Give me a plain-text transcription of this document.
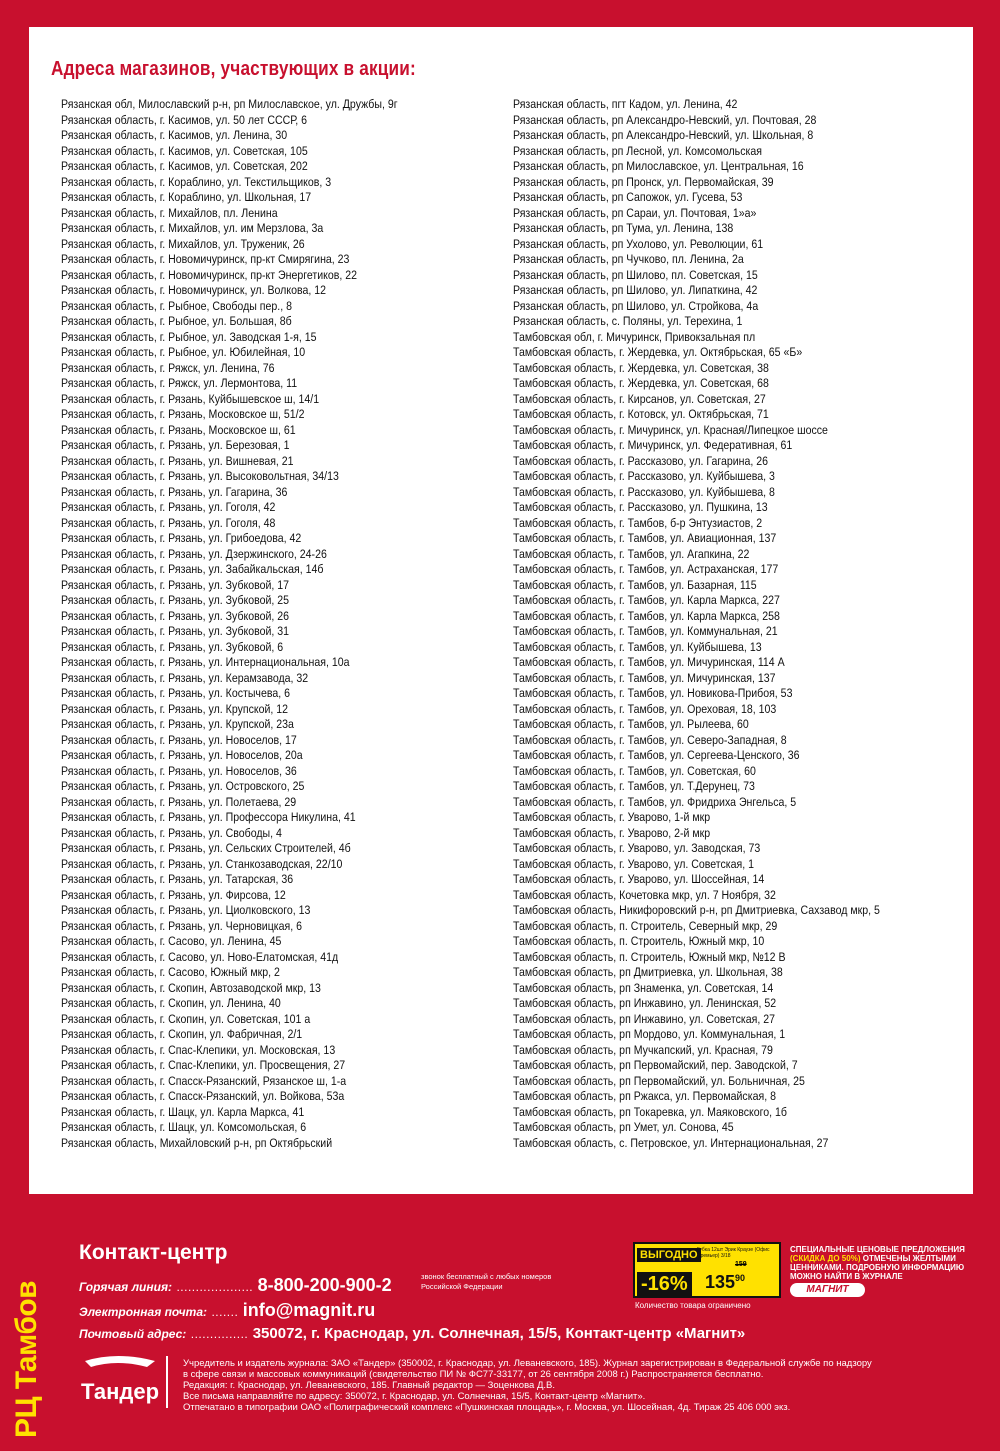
Адреса магазинов, участвующих в акции:
Рязанская обл, Милославский р-н, рп Милославское, ул. Дружбы, 9г
Рязанская область, г. Касимов, ул. 50 лет СССР, 6
Рязанская область, г. Касимов, ул. Ленина, 30
Рязанская область, г. Касимов, ул. Советская, 105
Рязанская область, г. Касимов, ул. Советская, 202
Рязанская область, г. Кораблино, ул. Текстильщиков, 3
Рязанская область, г. Кораблино, ул. Школьная, 17
Рязанская область, г. Михайлов, пл. Ленина
Рязанская область, г. Михайлов, ул. им Мерзлова, 3а
Рязанская область, г. Михайлов, ул. Труженик, 26
Рязанская область, г. Новомичуринск, пр-кт Смирягина, 23
Рязанская область, г. Новомичуринск, пр-кт Энергетиков, 22
Рязанская область, г. Новомичуринск, ул. Волкова, 12
Рязанская область, г. Рыбное, Свободы пер., 8
Рязанская область, г. Рыбное, ул. Большая, 8б
Рязанская область, г. Рыбное, ул. Заводская 1-я, 15
Рязанская область, г. Рыбное, ул. Юбилейная, 10
Рязанская область, г. Ряжск, ул. Ленина, 76
Рязанская область, г. Ряжск, ул. Лермонтова, 11
Рязанская область, г. Рязань, Куйбышевское ш, 14/1
Рязанская область, г. Рязань, Московское ш, 51/2
Рязанская область, г. Рязань, Московское ш, 61
Рязанская область, г. Рязань, ул. Березовая, 1
Рязанская область, г. Рязань, ул. Вишневая, 21
Рязанская область, г. Рязань, ул. Высоковольтная, 34/13
Рязанская область, г. Рязань, ул. Гагарина, 36
Рязанская область, г. Рязань, ул. Гоголя, 42
Рязанская область, г. Рязань, ул. Гоголя, 48
Рязанская область, г. Рязань, ул. Грибоедова, 42
Рязанская область, г. Рязань, ул. Дзержинского, 24-26
Рязанская область, г. Рязань, ул. Забайкальская, 14б
Рязанская область, г. Рязань, ул. Зубковой, 17
Рязанская область, г. Рязань, ул. Зубковой, 25
Рязанская область, г. Рязань, ул. Зубковой, 26
Рязанская область, г. Рязань, ул. Зубковой, 31
Рязанская область, г. Рязань, ул. Зубковой, 6
Рязанская область, г. Рязань, ул. Интернациональная, 10а
Рязанская область, г. Рязань, ул. Керамзавода, 32
Рязанская область, г. Рязань, ул. Костычева, 6
Рязанская область, г. Рязань, ул. Крупской, 12
Рязанская область, г. Рязань, ул. Крупской, 23а
Рязанская область, г. Рязань, ул. Новоселов, 17
Рязанская область, г. Рязань, ул. Новоселов, 20а
Рязанская область, г. Рязань, ул. Новоселов, 36
Рязанская область, г. Рязань, ул. Островского, 25
Рязанская область, г. Рязань, ул. Полетаева, 29
Рязанская область, г. Рязань, ул. Профессора Никулина, 41
Рязанская область, г. Рязань, ул. Свободы, 4
Рязанская область, г. Рязань, ул. Сельских Строителей, 4б
Рязанская область, г. Рязань, ул. Станкозаводская, 22/10
Рязанская область, г. Рязань, ул. Татарская, 36
Рязанская область, г. Рязань, ул. Фирсова, 12
Рязанская область, г. Рязань, ул. Циолковского, 13
Рязанская область, г. Рязань, ул. Черновицкая, 6
Рязанская область, г. Сасово, ул. Ленина, 45
Рязанская область, г. Сасово, ул. Ново-Елатомская, 41д
Рязанская область, г. Сасово, Южный мкр, 2
Рязанская область, г. Скопин, Автозаводской мкр, 13
Рязанская область, г. Скопин, ул. Ленина, 40
Рязанская область, г. Скопин, ул. Советская, 101 а
Рязанская область, г. Скопин, ул. Фабричная, 2/1
Рязанская область, г. Спас-Клепики, ул. Московская, 13
Рязанская область, г. Спас-Клепики, ул. Просвещения, 27
Рязанская область, г. Спасск-Рязанский, Рязанское ш, 1-а
Рязанская область, г. Спасск-Рязанский, ул. Войкова, 53а
Рязанская область, г. Шацк, ул. Карла Маркса, 41
Рязанская область, г. Шацк, ул. Комсомольская, 6
Рязанская область, Михайловский р-н, рп Октябрьский
Рязанская область, пгт Кадом, ул. Ленина, 42
Рязанская область, рп Александро-Невский, ул. Почтовая, 28
Рязанская область, рп Александро-Невский, ул. Школьная, 8
Рязанская область, рп Лесной, ул. Комсомольская
Рязанская область, рп Милославское, ул. Центральная, 16
Рязанская область, рп Пронск, ул. Первомайская, 39
Рязанская область, рп Сапожок, ул. Гусева, 53
Рязанская область, рп Сараи, ул. Почтовая, 1»а»
Рязанская область, рп Тума, ул. Ленина, 138
Рязанская область, рп Ухолово, ул. Революции, 61
Рязанская область, рп Чучково, пл. Ленина, 2а
Рязанская область, рп Шилово, пл. Советская, 15
Рязанская область, рп Шилово, ул. Липаткина, 42
Рязанская область, рп Шилово, ул. Стройкова, 4а
Рязанская область, с. Поляны, ул. Терехина, 1
Тамбовская обл, г. Мичуринск, Привокзальная пл
Тамбовская область, г. Жердевка, ул. Октябрьская, 65 «Б»
Тамбовская область, г. Жердевка, ул. Советская, 38
Тамбовская область, г. Жердевка, ул. Советская, 68
Тамбовская область, г. Кирсанов, ул. Советская, 27
Тамбовская область, г. Котовск, ул. Октябрьская, 71
Тамбовская область, г. Мичуринск, ул. Красная/Липецкое шоссе
Тамбовская область, г. Мичуринск, ул. Федеративная, 61
Тамбовская область, г. Рассказово, ул. Гагарина, 26
Тамбовская область, г. Рассказово, ул. Куйбышева, 3
Тамбовская область, г. Рассказово, ул. Куйбышева, 8
Тамбовская область, г. Рассказово, ул. Пушкина, 13
Тамбовская область, г. Тамбов, б-р Энтузиастов, 2
Тамбовская область, г. Тамбов, ул. Авиационная, 137
Тамбовская область, г. Тамбов, ул. Агапкина, 22
Тамбовская область, г. Тамбов, ул. Астраханская, 177
Тамбовская область, г. Тамбов, ул. Базарная, 115
Тамбовская область, г. Тамбов, ул. Карла Маркса, 227
Тамбовская область, г. Тамбов, ул. Карла Маркса, 258
Тамбовская область, г. Тамбов, ул. Коммунальная, 21
Тамбовская область, г. Тамбов, ул. Куйбышева, 13
Тамбовская область, г. Тамбов, ул. Мичуринская, 114 А
Тамбовская область, г. Тамбов, ул. Мичуринская, 137
Тамбовская область, г. Тамбов, ул. Новикова-Прибоя, 53
Тамбовская область, г. Тамбов, ул. Ореховая, 18, 103
Тамбовская область, г. Тамбов, ул. Рылеева, 60
Тамбовская область, г. Тамбов, ул. Северо-Западная, 8
Тамбовская область, г. Тамбов, ул. Сергеева-Ценского, 36
Тамбовская область, г. Тамбов, ул. Советская, 60
Тамбовская область, г. Тамбов, ул. Т.Дерунец, 73
Тамбовская область, г. Тамбов, ул. Фридриха Энгельса, 5
Тамбовская область, г. Уварово, 1-й мкр
Тамбовская область, г. Уварово, 2-й мкр
Тамбовская область, г. Уварово, ул. Заводская, 73
Тамбовская область, г. Уварово, ул. Советская, 1
Тамбовская область, г. Уварово, ул. Шоссейная, 14
Тамбовская область, Кочетовка мкр, ул. 7 Ноября, 32
Тамбовская область, Никифоровский р-н, рп Дмитриевка, Сахзавод мкр, 5
Тамбовская область, п. Строитель, Северный мкр, 29
Тамбовская область, п. Строитель, Южный мкр, 10
Тамбовская область, п. Строитель, Южный мкр, №12 В
Тамбовская область, рп Дмитриевка, ул. Школьная, 38
Тамбовская область, рп Знаменка, ул. Советская, 14
Тамбовская область, рп Инжавино, ул. Ленинская, 52
Тамбовская область, рп Инжавино, ул. Советская, 27
Тамбовская область, рп Мордово, ул. Коммунальная, 1
Тамбовская область, рп Мучкапский, ул. Красная, 79
Тамбовская область, рп Первомайский, пер. Заводской, 7
Тамбовская область, рп Первомайский, ул. Больничная, 25
Тамбовская область, рп Ржакса, ул. Первомайская, 8
Тамбовская область, рп Токаревка, ул. Маяковского, 1б
Тамбовская область, рп Умет, ул. Сонова, 45
Тамбовская область, с. Петровское, ул. Интернациональная, 27
РЦ Тамбов
Контакт-центр
Горячая линия: .................... 8-800-200-900-2	звонок бесплатный с любых номеров Российской Федерации
Электронная почта: ....... info@magnit.ru
Почтовый адрес: ............... 350072, г. Краснодар, ул. Солнечная, 15/5, Контакт-центр «Магнит»
ВЫГОДНО
-16%
Губка 12шт Эрик Краузе (Офис Премьер) 3/18
$135^{90}$
159
Количество товара ограничено
СПЕЦИАЛЬНЫЕ ЦЕНОВЫЕ ПРЕДЛОЖЕНИЯ (СКИДКА ДО 50%) ОТМЕЧЕНЫ ЖЕЛТЫМИ ЦЕННИКАМИ. ПОДРОБНУЮ ИНФОРМАЦИЮ МОЖНО НАЙТИ В ЖУРНАЛЕ
МАГНИТ
Тандер
Учредитель и издатель журнала: ЗАО «Тандер» (350002, г. Краснодар, ул. Леваневского, 185). Журнал зарегистрирован в Федеральной службе по надзору
в сфере связи и массовых коммуникаций (свидетельство ПИ № ФС77-33177, от 26 сентября 2008 г.) Распространяется бесплатно.
Редакция: г. Краснодар, ул. Леваневского, 185. Главный редактор — Зоценкова Д.В.
Все письма направляйте по адресу: 350072, г. Краснодар, ул. Солнечная, 15/5, Контакт-центр «Магнит».
Отпечатано в типографии ОАО «Полиграфический комплекс «Пушкинская площадь», г. Москва, ул. Шосейная, 4д. Тираж 25 406 000 экз.
